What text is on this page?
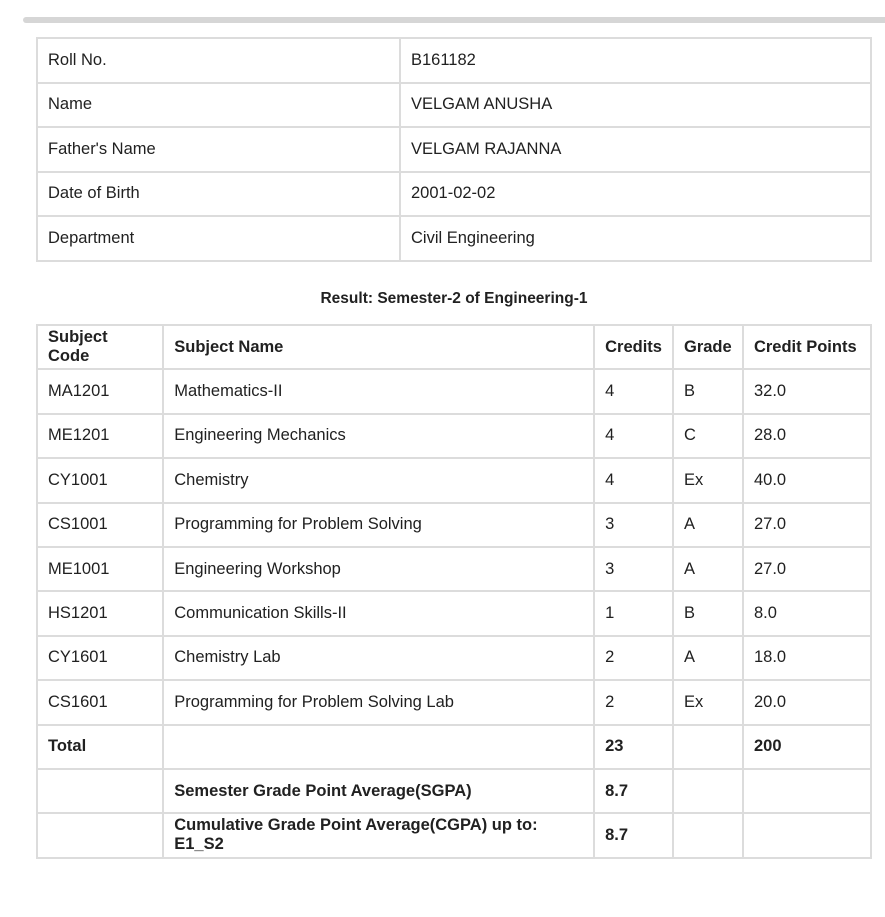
Roll No.	B161182
Name	VELGAM ANUSHA
Father's Name	VELGAM RAJANNA
Date of Birth	2001-02-02
Department	Civil Engineering
Result: Semester-2 of Engineering-1
Subject Code	Subject Name	Credits	Grade	Credit Points
MA1201	Mathematics-II	4	B	32.0
ME1201	Engineering Mechanics	4	C	28.0
CY1001	Chemistry	4	Ex	40.0
CS1001	Programming for Problem Solving	3	A	27.0
ME1001	Engineering Workshop	3	A	27.0
HS1201	Communication Skills-II	1	B	8.0
CY1601	Chemistry Lab	2	A	18.0
CS1601	Programming for Problem Solving Lab	2	Ex	20.0
Total		23		200
	Semester Grade Point Average(SGPA)	8.7		
	Cumulative Grade Point Average(CGPA) up to: E1_S2	8.7		
